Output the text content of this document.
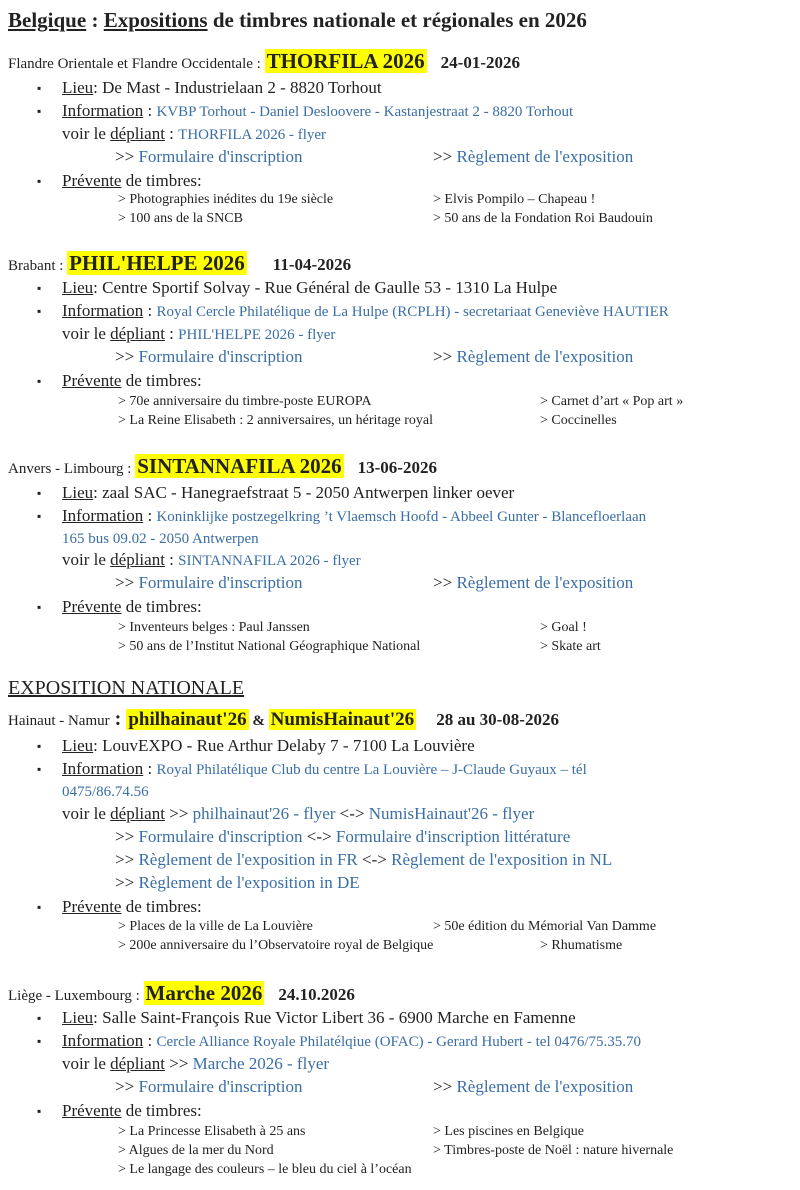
Belgique : Expositions de timbres nationale et régionales en 2026
Flandre Orientale et Flandre Occidentale : THORFILA 2026 24-01-2026
▪ Lieu: De Mast - Industrielaan 2 - 8820 Torhout
▪ Information : KVBP Torhout - Daniel Desloovere - Kastanjestraat 2 - 8820 Torhout
voir le dépliant : THORFILA 2026 - flyer
>> Formulaire d'inscription	>> Règlement de l'exposition
▪ Prévente de timbres:
> Photographies inédites du 19e siècle	> Elvis Pompilo – Chapeau !
> 100 ans de la SNCB	> 50 ans de la Fondation Roi Baudouin
Brabant : PHIL'HELPE 2026 11-04-2026
▪ Lieu: Centre Sportif Solvay - Rue Général de Gaulle 53 - 1310 La Hulpe
▪ Information : Royal Cercle Philatélique de La Hulpe (RCPLH) - secretariaat Geneviève HAUTIER
voir le dépliant : PHIL'HELPE 2026 - flyer
>> Formulaire d'inscription	>> Règlement de l'exposition
▪ Prévente de timbres:
> 70e anniversaire du timbre-poste EUROPA	> Carnet d’art « Pop art »
> La Reine Elisabeth : 2 anniversaires, un héritage royal	> Coccinelles
Anvers - Limbourg : SINTANNAFILA 2026 13-06-2026
▪ Lieu: zaal SAC - Hanegraefstraat 5 - 2050 Antwerpen linker oever
▪ Information : Koninklijke postzegelkring ’t Vlaemsch Hoofd - Abbeel Gunter - Blancefloerlaan
165 bus 09.02 - 2050 Antwerpen
voir le dépliant : SINTANNAFILA 2026 - flyer
>> Formulaire d'inscription	>> Règlement de l'exposition
▪ Prévente de timbres:
> Inventeurs belges : Paul Janssen	> Goal !
> 50 ans de l’Institut National Géographique National	> Skate art
EXPOSITION NATIONALE
Hainaut - Namur : philhainaut'26 & NumisHainaut'26 28 au 30-08-2026
▪ Lieu: LouvEXPO - Rue Arthur Delaby 7 - 7100 La Louvière
▪ Information : Royal Philatélique Club du centre La Louvière – J-Claude Guyaux – tél
0475/86.74.56
voir le dépliant >> philhainaut'26 - flyer <-> NumisHainaut'26 - flyer
>> Formulaire d'inscription <-> Formulaire d'inscription littérature
>> Règlement de l'exposition in FR <-> Règlement de l'exposition in NL
>> Règlement de l'exposition in DE
▪ Prévente de timbres:
> Places de la ville de La Louvière	> 50e édition du Mémorial Van Damme
> 200e anniversaire du l’Observatoire royal de Belgique	> Rhumatisme
Liège - Luxembourg : Marche 2026 24.10.2026
▪ Lieu: Salle Saint-François Rue Victor Libert 36 - 6900 Marche en Famenne
▪ Information : Cercle Alliance Royale Philatélqiue (OFAC) - Gerard Hubert - tel 0476/75.35.70
voir le dépliant >> Marche 2026 - flyer
>> Formulaire d'inscription	>> Règlement de l'exposition
▪ Prévente de timbres:
> La Princesse Elisabeth à 25 ans	> Les piscines en Belgique
> Algues de la mer du Nord	> Timbres-poste de Noël : nature hivernale
> Le langage des couleurs – le bleu du ciel à l’océan
